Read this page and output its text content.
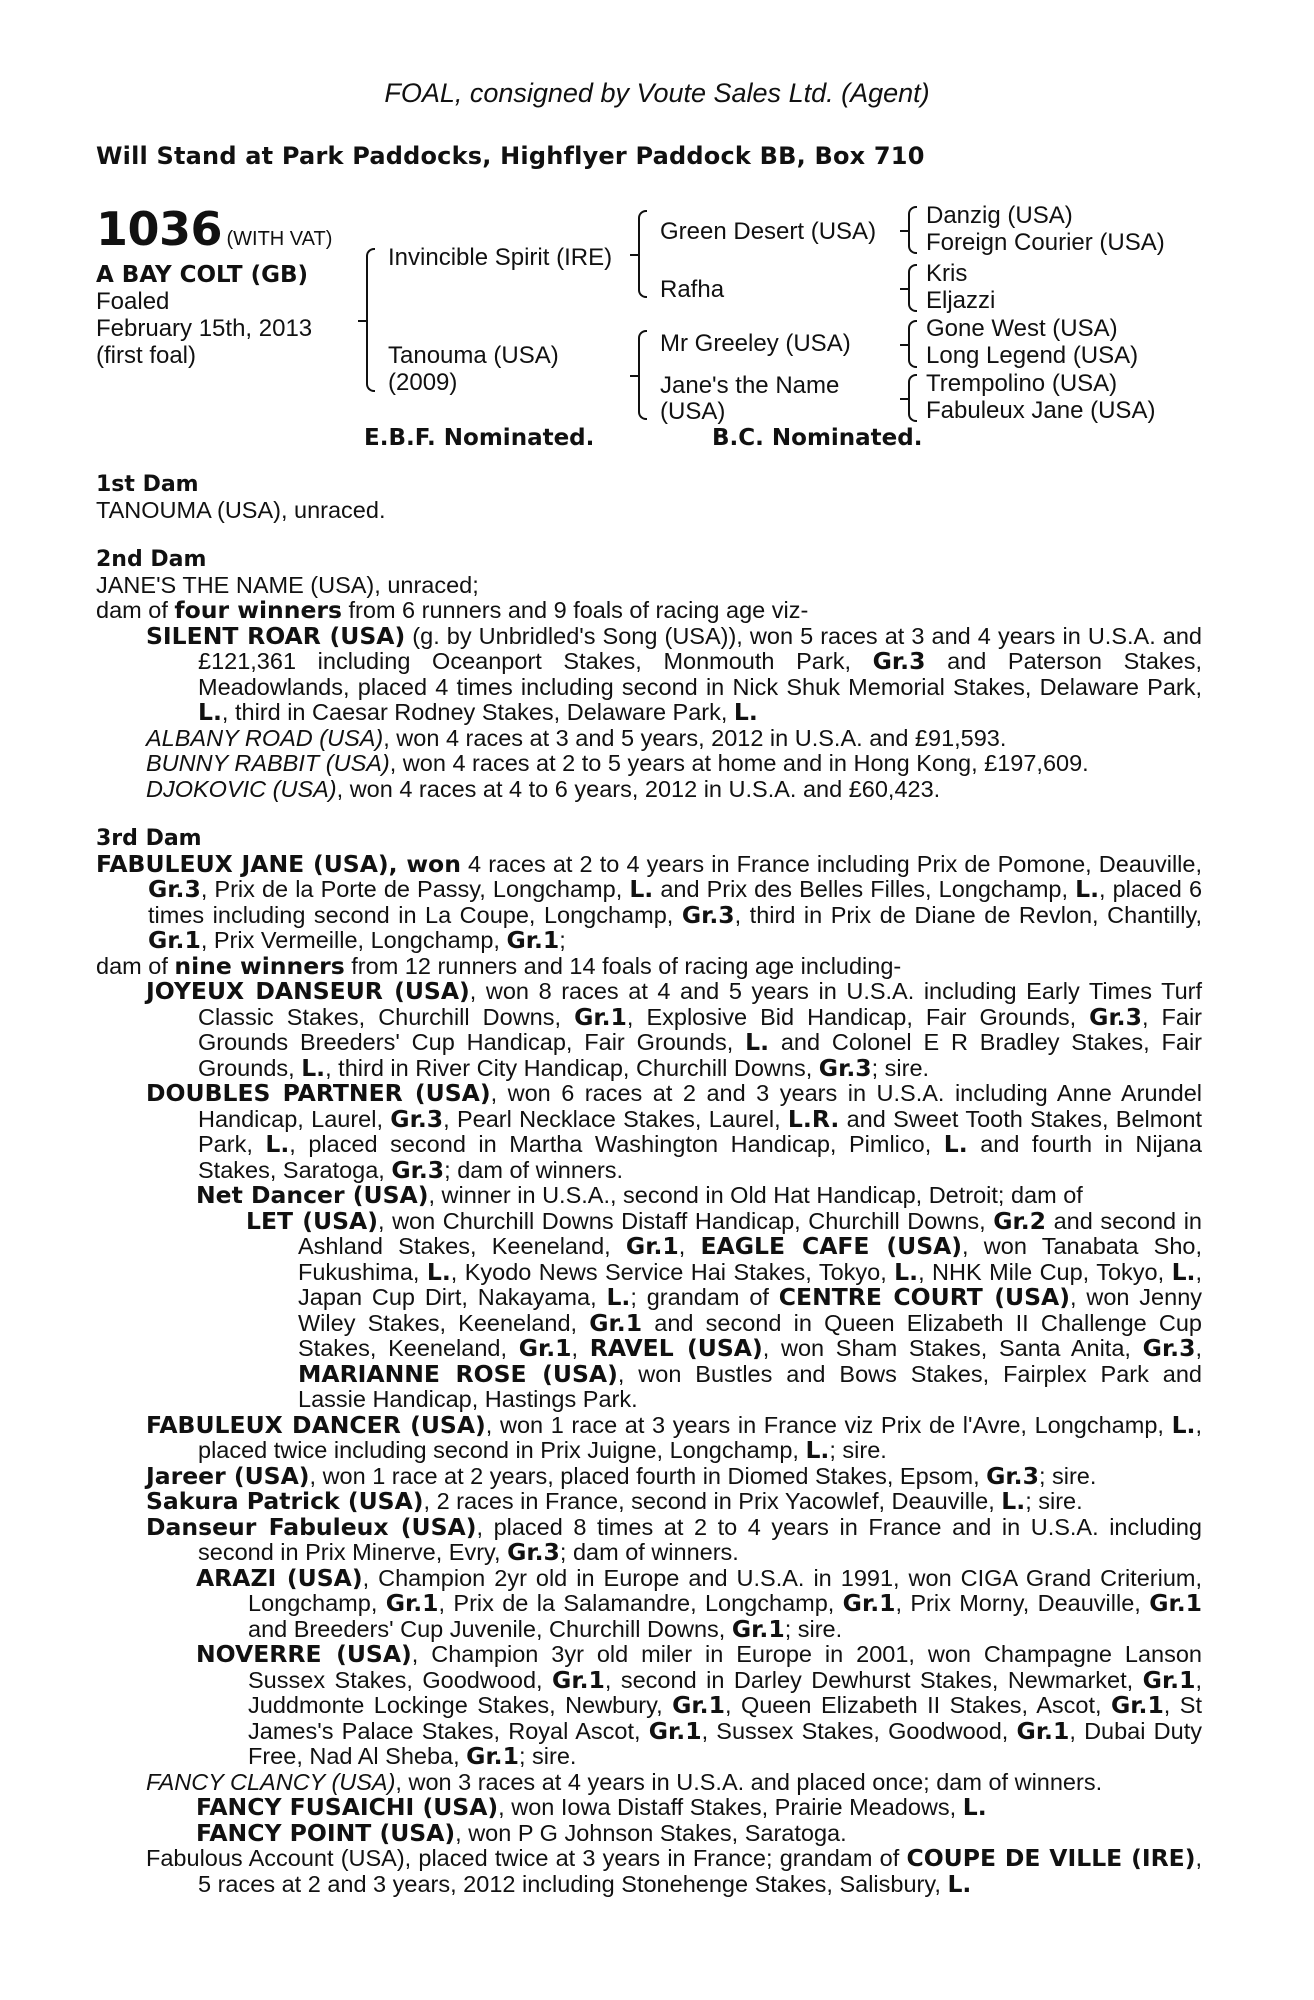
FOAL, consigned by Voute Sales Ltd. (Agent)
Will Stand at Park Paddocks, Highflyer Paddock BB, Box 710
1036 (WITH VAT)
A BAY COLT (GB)
Foaled
February 15th, 2013
(first foal)
Invincible Spirit (IRE)
Tanouma (USA)
(2009)
Green Desert (USA)
Rafha
Mr Greeley (USA)
Jane's the Name
(USA)
Danzig (USA)
Foreign Courier (USA)
Kris
Eljazzi
Gone West (USA)
Long Legend (USA)
Trempolino (USA)
Fabuleux Jane (USA)
E.B.F. Nominated.	B.C. Nominated.
1st Dam

TANOUMA (USA), unraced.

2nd Dam

JANE'S THE NAME (USA), unraced;

dam of four winners from 6 runners and 9 foals of racing age viz-

SILENT ROAR (USA) (g. by Unbridled's Song (USA)), won 5 races at 3 and 4 years in U.S.A. and £121,361 including Oceanport Stakes, Monmouth Park, Gr.3 and Paterson Stakes, Meadowlands, placed 4 times including second in Nick Shuk Memorial Stakes, Delaware Park, L., third in Caesar Rodney Stakes, Delaware Park, L.

ALBANY ROAD (USA), won 4 races at 3 and 5 years, 2012 in U.S.A. and £91,593.

BUNNY RABBIT (USA), won 4 races at 2 to 5 years at home and in Hong Kong, £197,609.

DJOKOVIC (USA), won 4 races at 4 to 6 years, 2012 in U.S.A. and £60,423.

3rd Dam

FABULEUX JANE (USA), won 4 races at 2 to 4 years in France including Prix de Pomone, Deauville, Gr.3, Prix de la Porte de Passy, Longchamp, L. and Prix des Belles Filles, Longchamp, L., placed 6 times including second in La Coupe, Longchamp, Gr.3, third in Prix de Diane de Revlon, Chantilly, Gr.1, Prix Vermeille, Longchamp, Gr.1;

dam of nine winners from 12 runners and 14 foals of racing age including-

JOYEUX DANSEUR (USA), won 8 races at 4 and 5 years in U.S.A. including Early Times Turf Classic Stakes, Churchill Downs, Gr.1, Explosive Bid Handicap, Fair Grounds, Gr.3, Fair Grounds Breeders' Cup Handicap, Fair Grounds, L. and Colonel E R Bradley Stakes, Fair Grounds, L., third in River City Handicap, Churchill Downs, Gr.3; sire.

DOUBLES PARTNER (USA), won 6 races at 2 and 3 years in U.S.A. including Anne Arundel Handicap, Laurel, Gr.3, Pearl Necklace Stakes, Laurel, L.R. and Sweet Tooth Stakes, Belmont Park, L., placed second in Martha Washington Handicap, Pimlico, L. and fourth in Nijana Stakes, Saratoga, Gr.3; dam of winners.

Net Dancer (USA), winner in U.S.A., second in Old Hat Handicap, Detroit; dam of

LET (USA), won Churchill Downs Distaff Handicap, Churchill Downs, Gr.2 and second in Ashland Stakes, Keeneland, Gr.1, EAGLE CAFE (USA), won Tanabata Sho, Fukushima, L., Kyodo News Service Hai Stakes, Tokyo, L., NHK Mile Cup, Tokyo, L., Japan Cup Dirt, Nakayama, L.; grandam of CENTRE COURT (USA), won Jenny Wiley Stakes, Keeneland, Gr.1 and second in Queen Elizabeth II Challenge Cup Stakes, Keeneland, Gr.1, RAVEL (USA), won Sham Stakes, Santa Anita, Gr.3, MARIANNE ROSE (USA), won Bustles and Bows Stakes, Fairplex Park and Lassie Handicap, Hastings Park.

FABULEUX DANCER (USA), won 1 race at 3 years in France viz Prix de l'Avre, Longchamp, L., placed twice including second in Prix Juigne, Longchamp, L.; sire.

Jareer (USA), won 1 race at 2 years, placed fourth in Diomed Stakes, Epsom, Gr.3; sire.

Sakura Patrick (USA), 2 races in France, second in Prix Yacowlef, Deauville, L.; sire.

Danseur Fabuleux (USA), placed 8 times at 2 to 4 years in France and in U.S.A. including second in Prix Minerve, Evry, Gr.3; dam of winners.

ARAZI (USA), Champion 2yr old in Europe and U.S.A. in 1991, won CIGA Grand Criterium, Longchamp, Gr.1, Prix de la Salamandre, Longchamp, Gr.1, Prix Morny, Deauville, Gr.1 and Breeders' Cup Juvenile, Churchill Downs, Gr.1; sire.

NOVERRE (USA), Champion 3yr old miler in Europe in 2001, won Champagne Lanson Sussex Stakes, Goodwood, Gr.1, second in Darley Dewhurst Stakes, Newmarket, Gr.1, Juddmonte Lockinge Stakes, Newbury, Gr.1, Queen Elizabeth II Stakes, Ascot, Gr.1, St James's Palace Stakes, Royal Ascot, Gr.1, Sussex Stakes, Goodwood, Gr.1, Dubai Duty Free, Nad Al Sheba, Gr.1; sire.

FANCY CLANCY (USA), won 3 races at 4 years in U.S.A. and placed once; dam of winners.

FANCY FUSAICHI (USA), won Iowa Distaff Stakes, Prairie Meadows, L.

FANCY POINT (USA), won P G Johnson Stakes, Saratoga.

Fabulous Account (USA), placed twice at 3 years in France; grandam of COUPE DE VILLE (IRE), 5 races at 2 and 3 years, 2012 including Stonehenge Stakes, Salisbury, L.
